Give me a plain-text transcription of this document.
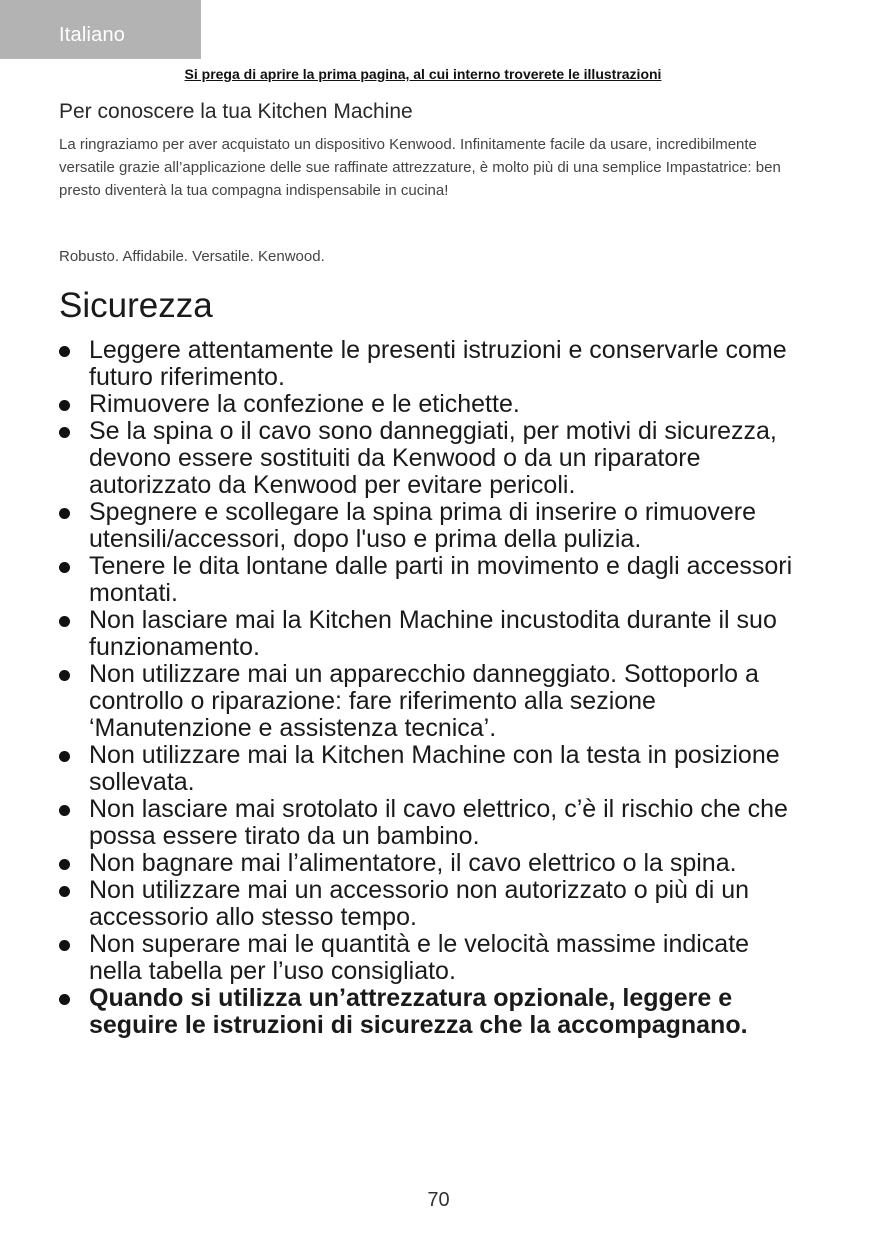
Italiano
Si prega di aprire la prima pagina, al cui interno troverete le illustrazioni
Per conoscere la tua Kitchen Machine

La ringraziamo per aver acquistato un dispositivo Kenwood. Infinitamente facile da usare, incredibilmente versatile grazie all’applicazione delle sue raffinate attrezzature, è molto più di una semplice Impastatrice: ben presto diventerà la tua compagna indispensabile in cucina!

Robusto. Affidabile. Versatile. Kenwood.

Sicurezza
Leggere attentamente le presenti istruzioni e conservarle come futuro riferimento.
Rimuovere la confezione e le etichette.
Se la spina o il cavo sono danneggiati, per motivi di sicurezza, devono essere sostituiti da Kenwood o da un riparatore autorizzato da Kenwood per evitare pericoli.
Spegnere e scollegare la spina prima di inserire o rimuovere utensili/accessori, dopo l'uso e prima della pulizia.
Tenere le dita lontane dalle parti in movimento e dagli accessori montati.
Non lasciare mai la Kitchen Machine incustodita durante il suo funzionamento.
Non utilizzare mai un apparecchio danneggiato. Sottoporlo a controllo o riparazione: fare riferimento alla sezione ‘Manutenzione e assistenza tecnica’.
Non utilizzare mai la Kitchen Machine con la testa in posizione sollevata.
Non lasciare mai srotolato il cavo elettrico, c’è il rischio che che possa essere tirato da un bambino.
Non bagnare mai l’alimentatore, il cavo elettrico o la spina.
Non utilizzare mai un accessorio non autorizzato o più di un accessorio allo stesso tempo.
Non superare mai le quantità e le velocità massime indicate nella tabella per l’uso consigliato.
Quando si utilizza un’attrezzatura opzionale, leggere e seguire le istruzioni di sicurezza che la accompagnano.
70
